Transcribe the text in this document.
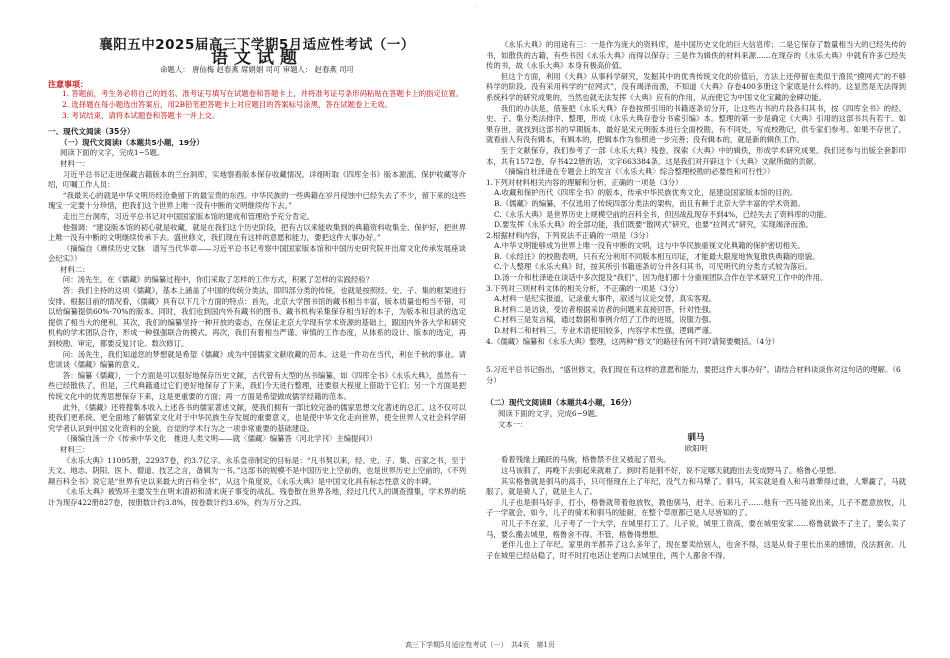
·

襄阳五中2025届高三下学期5月适应性考试（一）

语文试题

命题人： 唐仙梅 赵春燕 席娟娟 司可 审题人： 赵春燕 司可

注意事项：

1. 答题前，考生务必将自己的姓名、准考证号填写在试题卷和答题卡上，并将准考证号条形码粘贴在答题卡上的指定位置。

2. 选择题在每小题选出答案后，用2B铅笔把答题卡上对应题目的答案标号涂黑，答在试题卷上无效。

3. 考试结束，请将本试题卷和答题卡一并上交。

一、现代文阅读（35分）

（一）现代文阅读Ⅰ（本题共5小题，19分）

阅读下面的文字，完成1~5题。

材料一：

习近平总书记走进保藏古籍版本的兰台洞库，实地察看版本保存收藏情况。详细听取《四库全书》版本源流、保护收藏等介绍，叮嘱工作人员：

“我最关心的就是中华文明历经沧桑留下的最宝贵的东西。中华民族的一些典籍在岁月侵蚀中已经失去了不少，留下来的这些瑰宝一定要十分珍惜，把我们这个世界上唯一没有中断的文明继续传下去。”

走出兰台洞库，习近平总书记对中国国家版本馆的建成和管理给予充分肯定。

他强调：“建设版本馆的初心就是收藏，就是在我们这个历史阶段，把有古以来能收集到的典籍资料收集全、保护好，把世界上唯一没有中断的文明继续传承下去。盛世修文，我们现在有这样的意愿和能力，要把这件大事办好。”

（摘编自《赓续历史文脉　谱写当代华章——习近平总书记考察中国国家版本馆和中国历史研究院并出席文化传承发展座谈会纪实》）

材料二：

问：汤先生，在《儒藏》的编纂过程中，你们采取了怎样的工作方式，积累了怎样的实践经验？

答：我们主持的这项《儒藏》，基本上涵盖了中国的传统分类法，即四部分类的传统，也就是按照经、史、子、集的框架进行安排。根据目前的情况看，《儒藏》具有以下几个方面的特点：首先，北京大学图书馆的藏书相当丰富，版本质量也相当不错，可以给编纂提供60%-70%的版本。同时，我们也到国内外有藏书的图书、藏书机构采集保存相当好的本子，为版本和目录的选定提供了相当大的便利。其次，我们的编纂坚持一种开放的姿态，在保证北京大学现有学术资源的基础上，跟国内外各大学和研究机构的学术团队合作，形成一种强强联合的模式。再次，我们有着相当严谨、审慎的工作态度，从体系的设计、版本的选定，再到校勘、审定，都要反复讨论、数次修订。

问：汤先生，我们知道您的梦想就是希望《儒藏》成为中国儒家文献收藏的范本。这是一件功在当代，利在千秋的事业。请您谈谈《儒藏》编纂的意义。

答：编纂《儒藏》，一个方面是可以很好地保存历史文献，古代曾有大型的丛书编纂，如《四库全书》《永乐大典》，虽然有一些已经散佚了，但是，三代典籍通过它们更好地保存了下来，我们今天进行整理，还要很大程度上借助于它们；另一个方面是把传统文化中的优秀思想保存下来，这是更重要的方面；再一方面是希望做成儒学经籍的范本。

此外，《儒藏》还将搜集本收入上述各书的儒家著述文献，使我们拥有一部比较完备的儒家思想文化著述的总汇。这不仅可以使我们更系统、更全面地了解儒家文化对于中华民族生存发展的重要意义，也是使中华文化走向世界，使全世界人文社会科学研究学者认识到中国文化资料的全貌，自觉的学术行为之一项非常重要的基础建设。

（摘编自汤一介《传承中华文化　推进人类文明——就〈儒藏〉编纂答〈河北学刊〉主编提问》）

材料三：

《永乐大典》11095册，22937卷，约3.7亿字。永乐皇帝制定的目标是：“凡书契以来，经、史、子、集、百家之书，至于天文、地志、阴阳、医卜、僧道、技艺之言，备辑为一书。”这部书的规模不是中国历史上空前的，也是世界历史上空前的，《不列颠百科全书》说它是“世界有史以来最大的百科全书”，从这个角度说，《永乐大典》是中国文化具有标志性意义的丰碑。

《永乐大典》被毁坏主要发生在明末清初和清末庚子事变的战乱。残卷散在世界各地，经过几代人的调查搜集，学术界的统计为现存422册827卷，按册数计约3.8%，按卷数计约3.6%，约为万分之四。

《永乐大典》的用途有三：一是作为庞大的资料库，是中国历史文化的巨大信息库；二是它保存了数量相当大的已经失传的书，如散佚的古籍，有些书因《永乐大典》而得以保存；三是作为辑佚的材料来源……在现存的《永乐大典》中就有许多已经失传的书，故《永乐大典》本身有极高价值。

但这个方面，利用《大典》从事科学研究，发掘其中的优秀传统文化的价值后，方法上还停留在类似于渔民“摸网式”的不够科学的阶段。没有采用科学的“拉网式”，没有竭泽而渔，不知道《大典》存卷400多册这个家底是什么样的。这显然是无法得到系统科学的研究成果的，当然也就无法发挥《大典》应有的作用，从而使它为中国文化宝藏的金碑功能。

我们的办法是，借鉴把《永乐大典》存卷按照引用的书籍逐条切分开，让这些古书的片段各归其书，按《四库全书》的经、史、子、集分类法排序、整理，形成《永乐大典存卷分书索引编》本。整理的第一步是确定《大典》引用的这部书共有若干。如果存世，就找到这部书的早期版本，最好是宋元明版本进行全面校勘，有不同处，写成校勘记，供专家们参考。如果不存世了，就看前人有没有辑本，有辑本的，把辑本作为参照进一步完善；没有辑本的，就是新的辑佚工作。

至于文献保存，我们参考了一部《永乐大典》残卷，探索《大典》中的辑佚，形成学术研究成果。我们还参与出版全套影印本，共有1572卷，存书422册的话，文字663384条。这是我们对开辟这个《大典》文献所做的贡献。

（摘编自杜泽逊在专题会上的发言《〈永乐大典〉综合整理校勘的必要性和可行性》）

1.下列对材料相关内容的理解和分析，正确的一项是（3分）

A.收藏和保护历代《四库全书》的版本，传承中华民族优秀文化，是建设国家版本馆的目的。

B.《儒藏》的编纂，不仅选用了传统四部分类法的架构，而且有赖于北京大学丰富的学术资源。

C.《永乐大典》是世界历史上规模空前的百科全书，但因战乱现存不到4%，已经失去了资料库的功能。

D.要发挥《永乐大典》的全部功能，我们既要“散网式”研究，也要“拉网式”研究，实现竭泽而渔。

2.根据材料内容，下列说法不正确的一项是（3分）

A.中华文明能够成为世界上唯一没有中断的文明，这与中华民族重视文化典籍的保护密切相关。

B.《永经注》的校勘表明，只有充分利用不同版本相互印证，才能最大限度地恢复散佚典籍的原貌。

C.个人整理《永乐大典》时，按其所引书籍逐条切分并各归其书，可见明代的分类方式较为落后。

D.汤一介和杜泽逊在谈话中多次提及“我们”，因为他们都十分重视团队合作在学术研究工作中的作用。

3.下列对三则材料文体的相关分析，不正确的一项是（3分）

A.材料一是纪实报道，记录重大事件，叙述与议论交替，真实客观。

B.材料二是访谈，受访者根据采访者的问题来直接回答，针对性强。

C.材料三是发言稿，通过数据和事例介绍了工作的进展，说服力强。

D.材料二和材料三，专业术语使用较多，内容学术性强，逻辑严谨。

4.《儒藏》编纂和《永乐大典》整理，这两种“修文”的路径有何不同?请简要概括。（4分）

5.习近平总书记指出，“盛世修文，我们现在有这样的意愿和能力，要把这件大事办好”。请结合材料谈谈你对这句话的理解。（6分）

（二）现代文阅读Ⅱ（本题共4小题，16分）

阅读下面的文字，完成6~9题。

文本一：

驯马

欧阳明

看着残缘上踊跃的马驹，格鲁禁不住又被起了眉头。

这马该驯了，再晚下去驯起来就难了。到时若是驯不好，说不定哪天就跑出去变成野马了。格鲁心里想。

其实格鲁就是驯马的高手，只可惜现在上了年纪，没气力和马犟了。驯马，其实就是看人和马谁犟得过谁，人犟赢了，马就服了，就是骑人了，就是主人了。

儿子也是驯马好手，打小，格鲁就带着他放牧，教他驯马，赶羊。后来儿子……他有一匹马能说出来，儿子不愿意放牧，儿子一学就会，如今，儿子的骑术和驯马的能耐，在整个草原都已是人尽皆知的了。

可儿子不在家，儿子考了一个大学，在城里打工了。儿子说，城里工资高，要在城里安家……格鲁就做不了主了，要么卖了马，要么搬去城里，格鲁舍不得。不管，格鲁得想想。

老伴儿也上了年纪，家里的羊都养了这么多年了，现在要卖给别人，也舍不得，这是从骨子里长出来的感情，没法割舍。儿子在城里已经站稳了，时不时打电话让老两口去城里住，两个人都舍不得。

高三下学期5月适应性考试（一）　共4页　第1页
